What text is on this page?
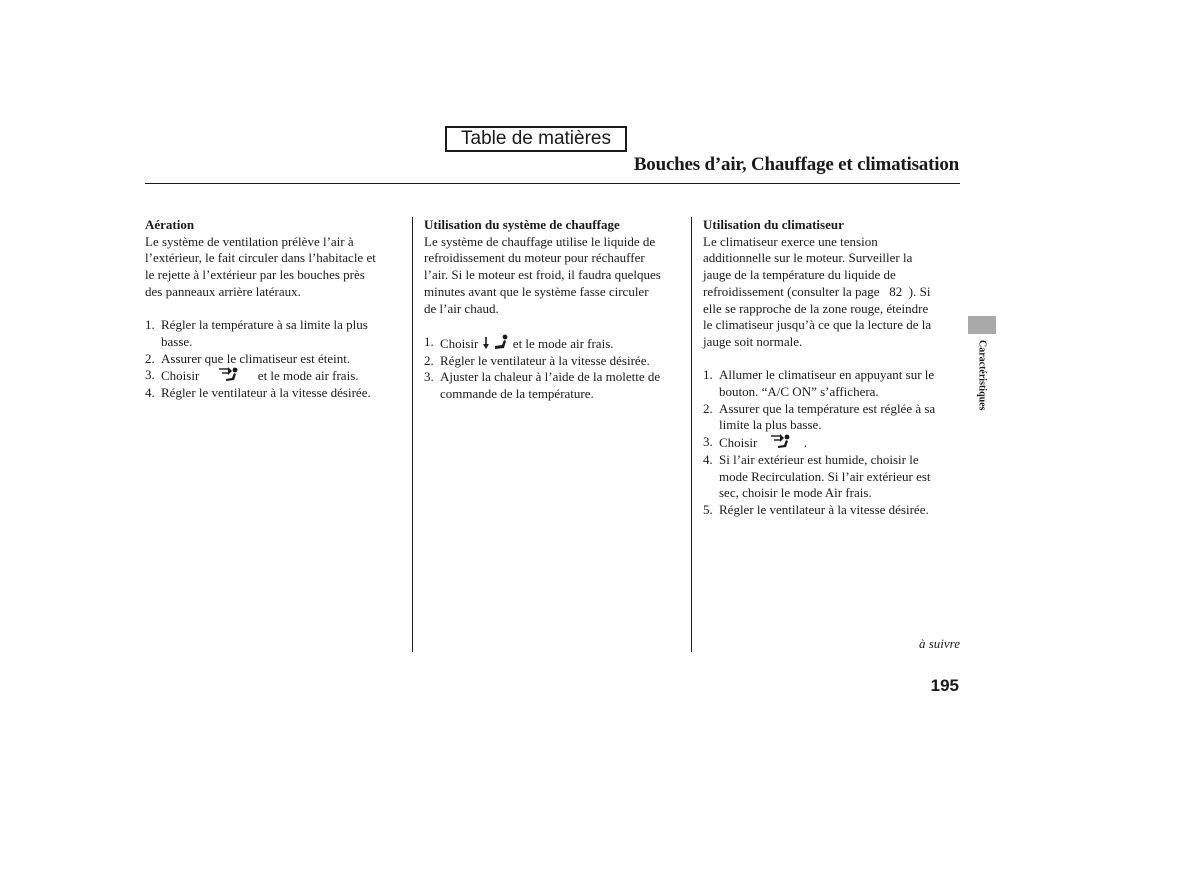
Table de matières
Bouches d’air, Chauffage et climatisation
Aération

Le système de ventilation prélève l’air à
l’extérieur, le fait circuler dans l’habitacle et
le rejette à l’extérieur par les bouches près
des panneaux arrière latéraux.

1. Régler la température à sa limite la plus
basse.
2. Assurer que le climatiseur est éteint.
3. Choisir	et le mode air frais.
4. Régler le ventilateur à la vitesse désirée.
Utilisation du système de chauffage

Le système de chauffage utilise le liquide de
refroidissement du moteur pour réchauffer
l’air. Si le moteur est froid, il faudra quelques
minutes avant que le système fasse circuler
de l’air chaud.

1. Choisir	et le mode air frais.
2. Régler le ventilateur à la vitesse désirée.
3. Ajuster la chaleur à l’aide de la molette de
commande de la température.
Utilisation du climatiseur

Le climatiseur exerce une tension
additionnelle sur le moteur. Surveiller la
jauge de la température du liquide de
refroidissement (consulter la page   82  ). Si
elle se rapproche de la zone rouge, éteindre
le climatiseur jusqu’à ce que la lecture de la
jauge soit normale.

1. Allumer le climatiseur en appuyant sur le
bouton. “A/C ON” s’affichera.
2. Assurer que la température est réglée à sa
limite la plus basse.
3. Choisir	.
4. Si l’air extérieur est humide, choisir le
mode Recirculation. Si l’air extérieur est
sec, choisir le mode Air frais.
5. Régler le ventilateur à la vitesse désirée.
Caractéristiques
à suivre
195
